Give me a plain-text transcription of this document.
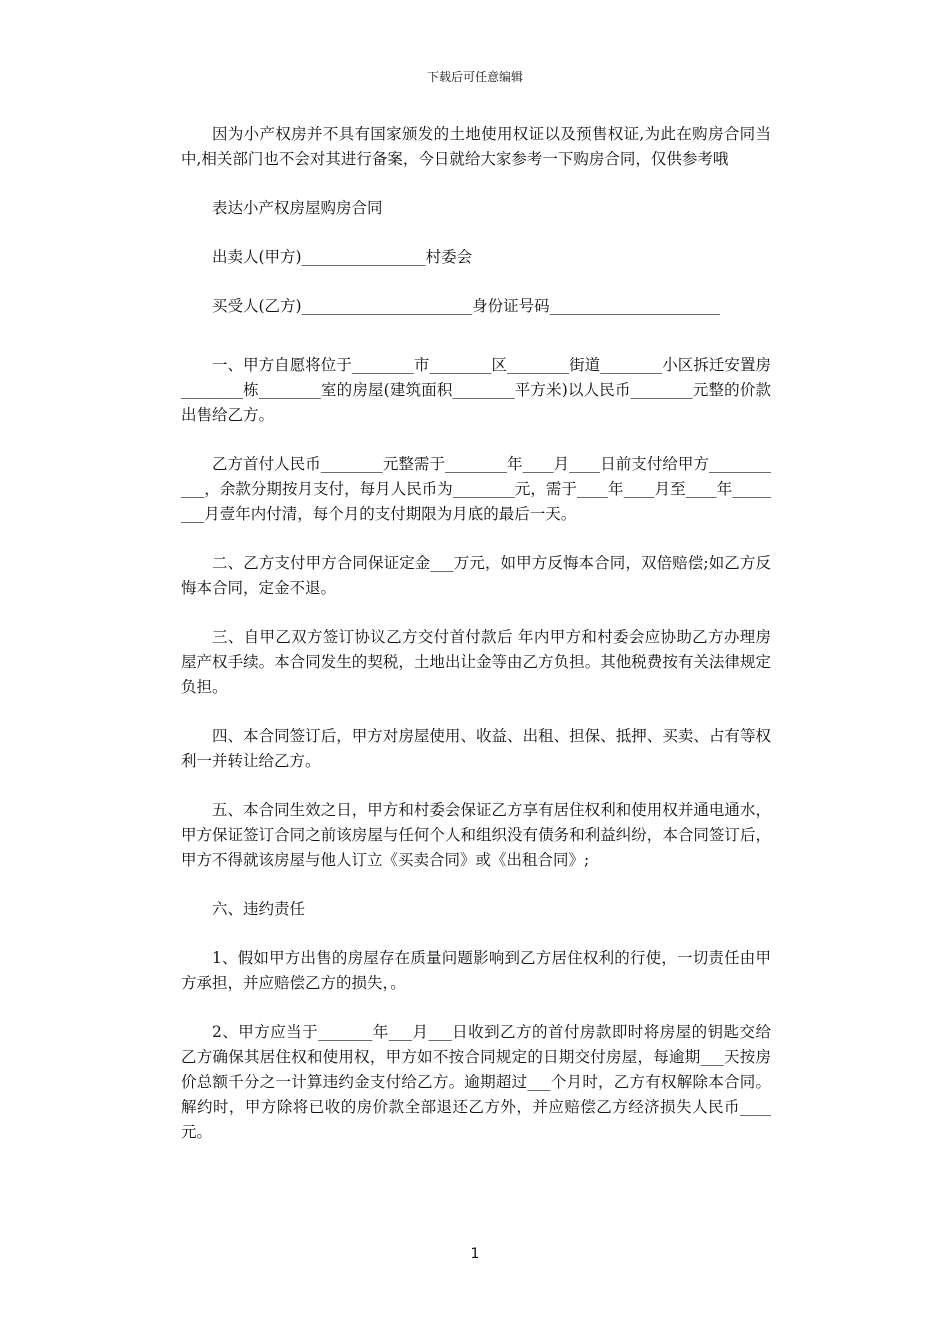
下载后可任意编辑

因为小产权房并不具有国家颁发的土地使用权证以及预售权证,为此在购房合同当中,相关部门也不会对其进行备案，今日就给大家参考一下购房合同，仅供参考哦

表达小产权房屋购房合同

出卖人(甲方)________________村委会

买受人(乙方)______________________身份证号码______________________

一、甲方自愿将位于________市________区________街道________小区拆迁安置房________栋________室的房屋(建筑面积________平方米)以人民币________元整的价款出售给乙方。

乙方首付人民币________元整需于________年____月____日前支付给甲方___________，余款分期按月支付，每月人民币为________元，需于____年____月至____年________月壹年内付清，每个月的支付期限为月底的最后一天。

二、乙方支付甲方合同保证定金___万元，如甲方反悔本合同，双倍赔偿;如乙方反悔本合同，定金不退。

三、自甲乙双方签订协议乙方交付首付款后 年内甲方和村委会应协助乙方办理房屋产权手续。本合同发生的契税，土地出让金等由乙方负担。其他税费按有关法律规定负担。

四、本合同签订后，甲方对房屋使用、收益、出租、担保、抵押、买卖、占有等权利一并转让给乙方。

五、本合同生效之日，甲方和村委会保证乙方享有居住权利和使用权并通电通水，甲方保证签订合同之前该房屋与任何个人和组织没有债务和利益纠纷，本合同签订后，甲方不得就该房屋与他人订立《买卖合同》或《出租合同》;

六、违约责任

1、假如甲方出售的房屋存在质量问题影响到乙方居住权利的行使，一切责任由甲方承担，并应赔偿乙方的损失，。

2、甲方应当于_______年___月___日收到乙方的首付房款即时将房屋的钥匙交给乙方确保其居住权和使用权，甲方如不按合同规定的日期交付房屋，每逾期___天按房价总额千分之一计算违约金支付给乙方。逾期超过___个月时，乙方有权解除本合同。解约时，甲方除将已收的房价款全部退还乙方外，并应赔偿乙方经济损失人民币____元。

1
